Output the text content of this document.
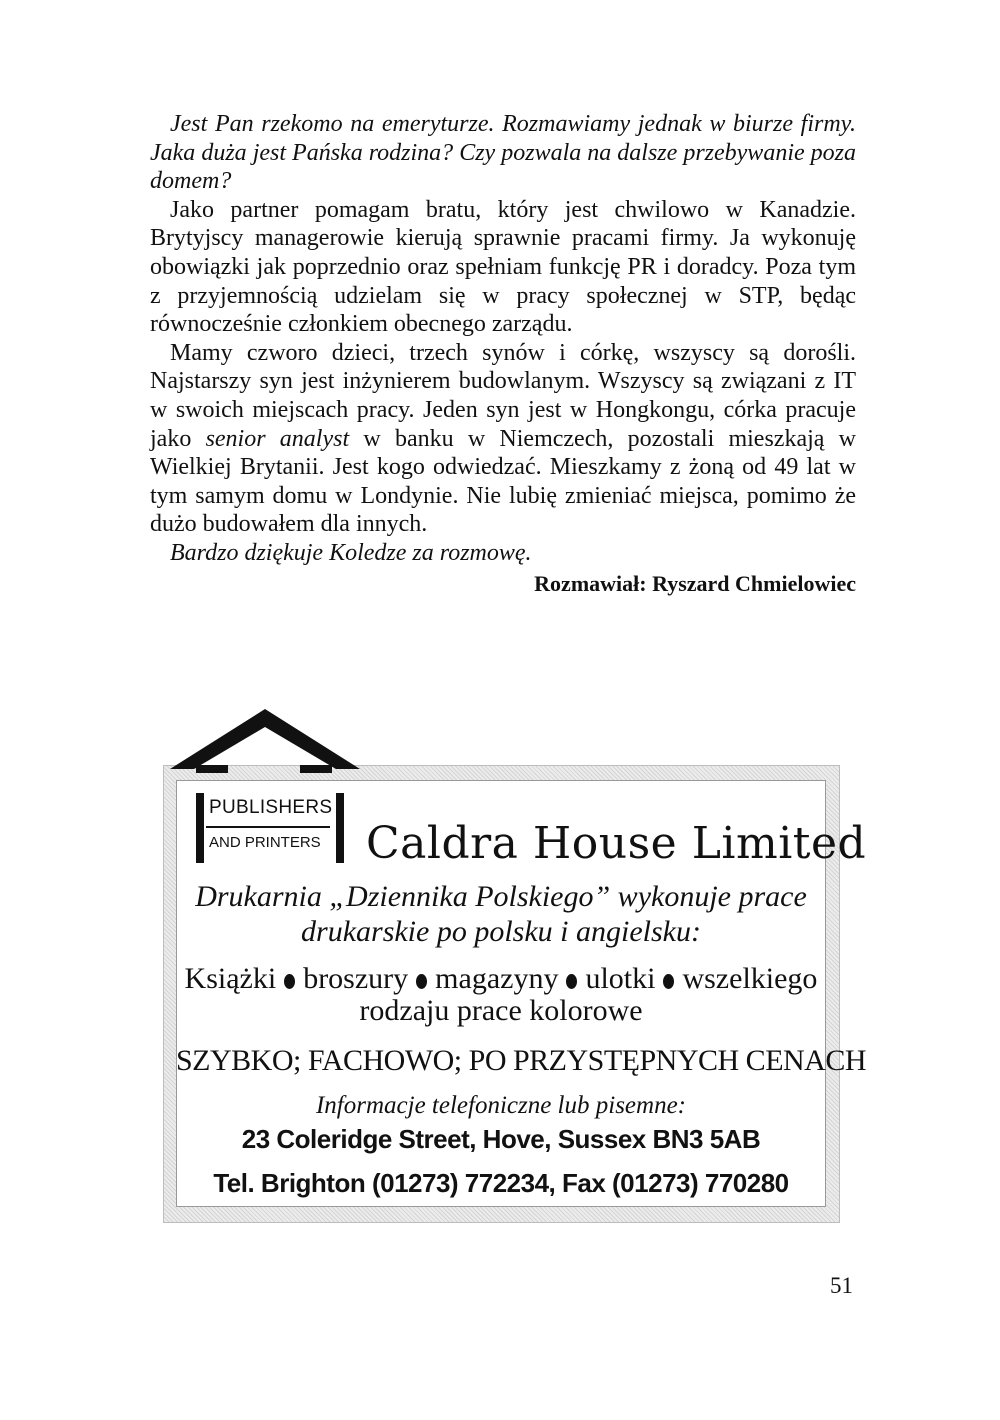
Jest Pan rzekomo na emeryturze. Rozmawiamy jednak w biurze firmy. Jaka duża jest Pańska rodzina? Czy pozwala na dalsze przebywanie poza domem?

Jako partner pomagam bratu, który jest chwilowo w Kanadzie. Brytyjscy managerowie kierują sprawnie pracami firmy. Ja wykonuję obowiązki jak poprzednio oraz spełniam funkcję PR i doradcy. Poza tym z przyjemnością udzielam się w pracy społecznej w STP, będąc równocześnie członkiem obecnego zarządu.

Mamy czworo dzieci, trzech synów i córkę, wszyscy są dorośli. Najstarszy syn jest inżynierem budowlanym. Wszyscy są związani z IT w swoich miejscach pracy. Jeden syn jest w Hongkongu, córka pracuje jako senior analyst w banku w Niemczech, pozostali mieszkają w Wielkiej Brytanii. Jest kogo odwiedzać. Mieszkamy z żoną od 49 lat w tym samym domu w Londynie. Nie lubię zmieniać miejsca, pomimo że dużo budowałem dla innych.

Bardzo dziękuje Koledze za rozmowę.

Rozmawiał: Ryszard Chmielowiec

PUBLISHERS
AND PRINTERS Caldra House Limited
Drukarnia „Dziennika Polskiego” wykonuje prace
drukarskie po polsku i angielsku:
Książki broszury magazyny ulotki wszelkiego
rodzaju prace kolorowe
SZYBKO; FACHOWO; PO PRZYSTĘPNYCH CENACH
Informacje telefoniczne lub pisemne:
23 Coleridge Street, Hove, Sussex BN3 5AB
Tel. Brighton (01273) 772234, Fax (01273) 770280
51
